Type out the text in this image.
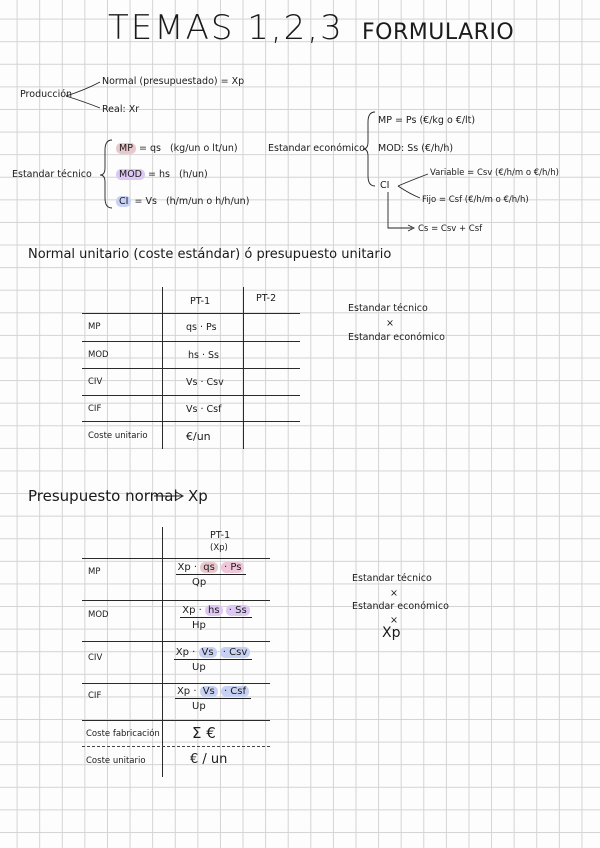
TEMAS 1,2,3 FORMULARIO
Producción
Normal (presupuestado) = Xp
Real: Xr
Estandar técnico
MP = qs (kg/un o lt/un)
MOD = hs (h/un)
CI = Vs (h/m/un o h/h/un)
Estandar económico
MP = Ps (€/kg o €/lt)
MOD: Ss (€/h/h)
CI
Variable = Csv (€/h/m o €/h/h)
Fijo = Csf (€/h/m o €/h/h)
Cs = Csv + Csf
Normal unitario (coste estándar) ó presupuesto unitario
PT-1	PT-2
MP	qs · Ps
MOD	hs · Ss
CIV	Vs · Csv
CIF	Vs · Csf
Coste unitario	€/un
Estandar técnico
×
Estandar económico
Presupuesto normal Xp
PT-1
(Xp)
MP	$\frac{Xp \cdot qs \cdot Ps}{Qp}$
MOD	$\frac{Xp \cdot hs \cdot Ss}{Hp}$
CIV	Xp · Vs · Csv
Up
CIF	Xp · Vs · Csf
Up
Coste fabricación Σ €
Coste unitario	€ / un
Estandar técnico
×
Estandar económico
×
Xp
